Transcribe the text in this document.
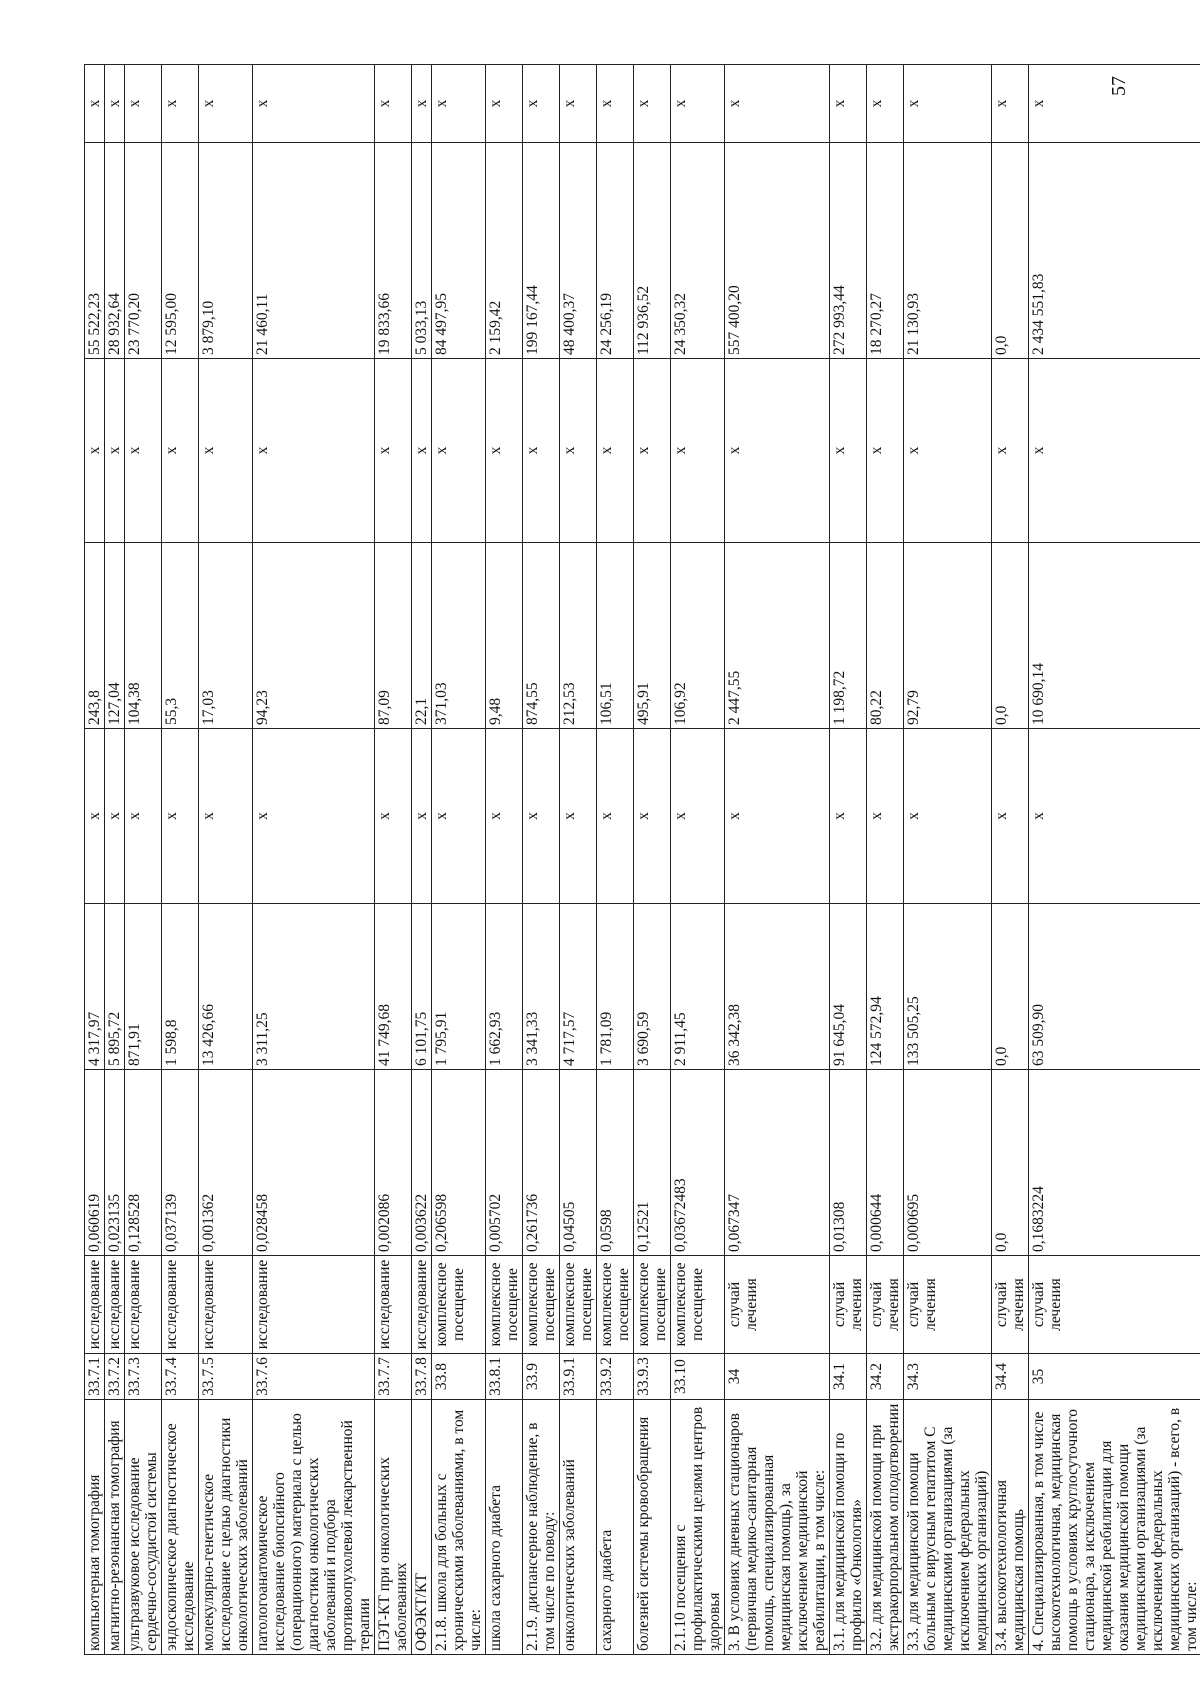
компьютерная томография	33.7.1	исследование	0,060619	4 317,97	х	243,8	х	55 522,23	х
магнитно-резонансная томография	33.7.2	исследование	0,023135	5 895,72	х	127,04	х	28 932,64	х
ультразвуковое исследование сердечно-сосудистой системы	33.7.3	исследование	0,128528	871,91	х	104,38	х	23 770,20	х
эндоскопическое диагностическое исследование	33.7.4	исследование	0,037139	1 598,8	х	55,3	х	12 595,00	х
молекулярно-генетическое исследование с целью диагностики онкологических заболеваний	33.7.5	исследование	0,001362	13 426,66	х	17,03	х	3 879,10	х
патологоанатомическое исследование биопсийного (операционного) материала с целью диагностики онкологических заболеваний и подбора противоопухолевой лекарственной терапии	33.7.6	исследование	0,028458	3 311,25	х	94,23	х	21 460,11	х
ПЭТ-КТ при онкологических заболеваниях	33.7.7	исследование	0,002086	41 749,68	х	87,09	х	19 833,66	х
ОФЭКТ/КТ	33.7.8	исследование	0,003622	6 101,75	х	22,1	х	5 033,13	х
2.1.8. школа для больных с хроническими заболеваниями, в том числе:	33.8	комплексное посещение	0,206598	1 795,91	х	371,03	х	84 497,95	х
школа сахарного диабета	33.8.1	комплексное посещение	0,005702	1 662,93	х	9,48	х	2 159,42	х
2.1.9. диспансерное наблюдение, в том числе по поводу:	33.9	комплексное посещение	0,261736	3 341,33	х	874,55	х	199 167,44	х
онкологических заболеваний	33.9.1	комплексное посещение	0,04505	4 717,57	х	212,53	х	48 400,37	х
сахарного диабета	33.9.2	комплексное посещение	0,0598	1 781,09	х	106,51	х	24 256,19	х
болезней системы кровообращения	33.9.3	комплексное посещение	0,12521	3 690,59	х	495,91	х	112 936,52	х
2.1.10 посещения с профилактическими целями центров здоровья	33.10	комплексное посещение	0,03672483	2 911,45	х	106,92	х	24 350,32	х
3. В условиях дневных стационаров (первичная медико-санитарная помощь, специализированная медицинская помощь), за исключением медицинской реабилитации, в том числе:	34	случай лечения	0,067347	36 342,38	х	2 447,55	х	557 400,20	х
3.1. для медицинской помощи по профилю «Онкология»	34.1	случай лечения	0,01308	91 645,04	х	1 198,72	х	272 993,44	х
3.2. для медицинской помощи при экстракорпоральном оплодотворении	34.2	случай лечения	0,000644	124 572,94	х	80,22	х	18 270,27	х
3.3. для медицинской помощи больным с вирусным гепатитом С медицинскими организациями (за исключением федеральных медицинских организаций)	34.3	случай лечения	0,000695	133 505,25	х	92,79	х	21 130,93	х
3.4. высокотехнологичная медицинская помощь	34.4	случай лечения	0,0	0,0	х	0,0	х	0,0	х
4. Специализированная, в том числе высокотехнологичная, медицинская помощь в условиях круглосуточного стационара, за исключением медицинской реабилитации для оказания медицинской помощи медицинскими организациями (за исключением федеральных медицинских организаций) - всего, в том числе:	35	случай лечения	0,1683224	63 509,90	х	10 690,14	х	2 434 551,83	х
57
